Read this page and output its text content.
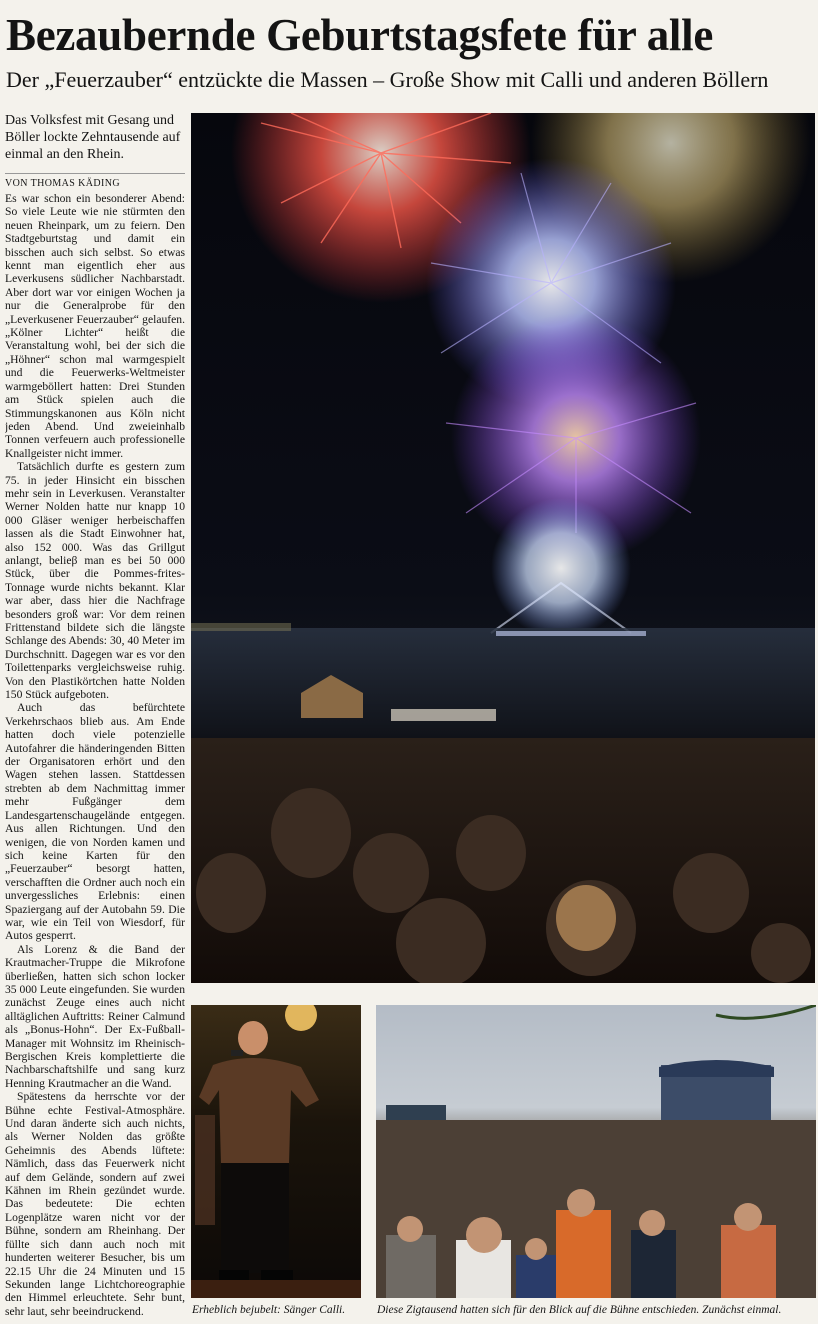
Bezaubernde Geburtstagsfete für alle
Der „Feuerzauber“ entzückte die Massen – Große Show mit Calli und anderen Böllern

Das Volksfest mit Gesang und Böller lockte Zehntausende auf einmal an den Rhein.

VON THOMAS KÄDING

Es war schon ein besonderer Abend: So viele Leute wie nie stürmten den neuen Rheinpark, um zu feiern. Den Stadtgeburtstag und damit ein bisschen auch sich selbst. So etwas kennt man eigentlich eher aus Leverkusens südlicher Nachbarstadt. Aber dort war vor einigen Wochen ja nur die Generalprobe für den „Leverkusener Feuerzauber“ gelaufen. „Kölner Lichter“ heißt die Veranstaltung wohl, bei der sich die „Höhner“ schon mal warmgespielt und die Feuerwerks-Weltmeister warmgeböllert hatten: Drei Stunden am Stück spielen auch die Stimmungskanonen aus Köln nicht jeden Abend. Und zweieinhalb Tonnen verfeuern auch professionelle Knallgeister nicht immer.

Tatsächlich durfte es gestern zum 75. in jeder Hinsicht ein bisschen mehr sein in Leverkusen. Veranstalter Werner Nolden hatte nur knapp 10 000 Gläser weniger herbeischaffen lassen als die Stadt Einwohner hat, also 152 000. Was das Grillgut anlangt, belieβ man es bei 50 000 Stück, über die Pommes-frites-Tonnage wurde nichts bekannt. Klar war aber, dass hier die Nachfrage besonders groß war: Vor dem reinen Frittenstand bildete sich die längste Schlange des Abends: 30, 40 Meter im Durchschnitt. Dagegen war es vor den Toilettenparks vergleichsweise ruhig. Von den Plastikörtchen hatte Nolden 150 Stück aufgeboten.

Auch das befürchtete Verkehrschaos blieb aus. Am Ende hatten doch viele potenzielle Autofahrer die händeringenden Bitten der Organisatoren erhört und den Wagen stehen lassen. Stattdessen strebten ab dem Nachmittag immer mehr Fußgänger dem Landesgartenschaugelände entgegen. Aus allen Richtungen. Und den wenigen, die von Norden kamen und sich keine Karten für den „Feuerzauber“ besorgt hatten, verschafften die Ordner auch noch ein unvergessliches Erlebnis: einen Spaziergang auf der Autobahn 59. Die war, wie ein Teil von Wiesdorf, für Autos gesperrt.

Als Lorenz & die Band der Krautmacher-Truppe die Mikrofone überließen, hatten sich schon locker 35 000 Leute eingefunden. Sie wurden zunächst Zeuge eines auch nicht alltäglichen Auftritts: Reiner Calmund als „Bonus-Hohn“. Der Ex-Fußball-Manager mit Wohnsitz im Rheinisch-Bergischen Kreis komplettierte die Nachbarschaftshilfe und sang kurz Henning Krautmacher an die Wand.

Spätestens da herrschte vor der Bühne echte Festival-Atmosphäre. Und daran änderte sich auch nichts, als Werner Nolden das größte Geheimnis des Abends lüftete: Nämlich, dass das Feuerwerk nicht auf dem Gelände, sondern auf zwei Kähnen im Rhein gezündet wurde. Das bedeutete: Die echten Logenplätze waren nicht vor der Bühne, sondern am Rheinhang. Der füllte sich dann auch noch mit hunderten weiterer Besucher, bis um 22.15 Uhr die 24 Minuten und 15 Sekunden lange Lichtchoreographie den Himmel erleuchtete. Sehr bunt, sehr laut, sehr beeindruckend.	Erheblich bejubelt: Sänger Calli.	Diese Zigtausend hatten sich für den Blick auf die Bühne entschieden. Zunächst einmal.
